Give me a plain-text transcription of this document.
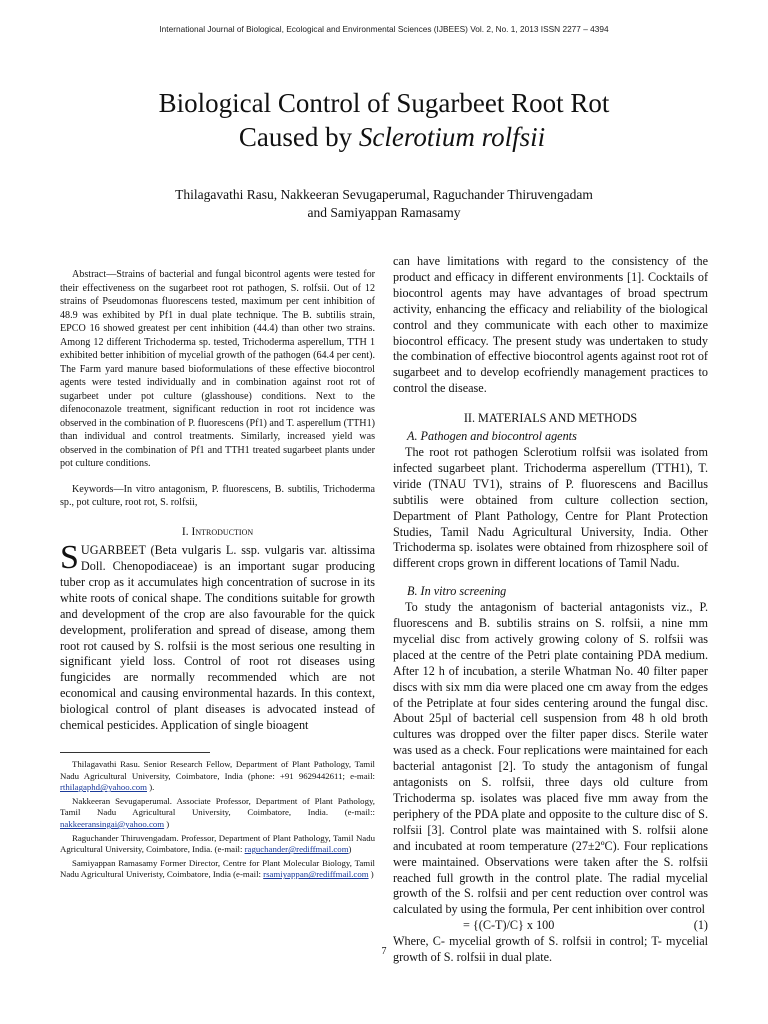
International Journal of Biological, Ecological and Environmental Sciences (IJBEES) Vol. 2, No. 1, 2013 ISSN 2277 – 4394
Biological Control of Sugarbeet Root Rot
Caused by Sclerotium rolfsii
Thilagavathi Rasu, Nakkeeran Sevugaperumal, Raguchander Thiruvengadam
and Samiyappan Ramasamy

Abstract—Strains of bacterial and fungal bicontrol agents were tested for their effectiveness on the sugarbeet root rot pathogen, S. rolfsii. Out of 12 strains of Pseudomonas fluorescens tested, maximum per cent inhibition of 48.9 was exhibited by Pf1 in dual plate technique. The B. subtilis strain, EPCO 16 showed greatest per cent inhibition (44.4) than other two strains. Among 12 different Trichoderma sp. tested, Trichoderma asperellum, TTH 1 exhibited better inhibition of mycelial growth of the pathogen (64.4 per cent). The Farm yard manure based bioformulations of these effective biocontrol agents were tested individually and in combination against root rot of sugarbeet under pot culture (glasshouse) conditions. Next to the difenoconazole treatment, significant reduction in root rot incidence was observed in the combination of P. fluorescens (Pf1) and T. asperellum (TTH1) than individual and control treatments. Similarly, increased yield was observed in the combination of Pf1 and TTH1 treated sugarbeet plants under pot culture conditions.

Keywords—In vitro antagonism, P. fluorescens, B. subtilis, Trichoderma sp., pot culture, root rot, S. rolfsii,

I. Introduction

SUGARBEET (Beta vulgaris L. ssp. vulgaris var. altissima Doll. Chenopodiaceae) is an important sugar producing tuber crop as it accumulates high concentration of sucrose in its white roots of conical shape. The conditions suitable for growth and development of the crop are also favourable for the quick development, proliferation and spread of disease, among them root rot caused by S. rolfsii is the most serious one resulting in significant yield loss. Control of root rot diseases using fungicides are normally recommended which are not economical and causing environmental hazards. In this context, biological control of plant diseases is advocated instead of chemical pesticides. Application of single bioagent

Thilagavathi Rasu. Senior Research Fellow, Department of Plant Pathology, Tamil Nadu Agricultural University, Coimbatore, India (phone: +91 9629442611; e-mail: rthilagaphd@yahoo.com ).

Nakkeeran Sevugaperumal. Associate Professor, Department of Plant Pathology, Tamil Nadu Agricultural University, Coimbatore, India. (e-mail:: nakkeeransingai@yahoo.com )

Raguchander Thiruvengadam. Professor, Department of Plant Pathology, Tamil Nadu Agricultural University, Coimbatore, India. (e-mail: raguchander@rediffmail.com)

Samiyappan Ramasamy Former Director, Centre for Plant Molecular Biology, Tamil Nadu Agricultural Univeristy, Coimbatore, India (e-mail: rsamiyappan@rediffmail.com )

can have limitations with regard to the consistency of the product and efficacy in different environments [1]. Cocktails of biocontrol agents may have advantages of broad spectrum activity, enhancing the efficacy and reliability of the biological control and they communicate with each other to maximize biocontrol efficacy. The present study was undertaken to study the combination of effective biocontrol agents against root rot of sugarbeet and to develop ecofriendly management practices to control the disease.

II. MATERIALS AND METHODS
A. Pathogen and biocontrol agents

The root rot pathogen Sclerotium rolfsii was isolated from infected sugarbeet plant. Trichoderma asperellum (TTH1), T. viride (TNAU TV1), strains of P. fluorescens and Bacillus subtilis were obtained from culture collection section, Department of Plant Pathology, Centre for Plant Protection Studies, Tamil Nadu Agricultural University, India. Other Trichoderma sp. isolates were obtained from rhizosphere soil of different crops grown in different locations of Tamil Nadu.

B. In vitro screening

To study the antagonism of bacterial antagonists viz., P. fluorescens and B. subtilis strains on S. rolfsii, a nine mm mycelial disc from actively growing colony of S. rolfsii was placed at the centre of the Petri plate containing PDA medium. After 12 h of incubation, a sterile Whatman No. 40 filter paper discs with six mm dia were placed one cm away from the edges of the Petriplate at four sides centering around the fungal disc. About 25µl of bacterial cell suspension from 48 h old broth cultures was dropped over the filter paper discs. Sterile water was used as a check. Four replications were maintained for each bacterial antagonist [2]. To study the antagonism of fungal antagonists on S. rolfsii, three days old culture from Trichoderma sp. isolates was placed five mm away from the periphery of the PDA plate and opposite to the culture disc of S. rolfsii [3]. Control plate was maintained with S. rolfsii alone and incubated at room temperature (27±2ºC). Four replications were maintained. Observations were taken after the S. rolfsii reached full growth in the control plate. The radial mycelial growth of the S. rolfsii and per cent reduction over control was calculated by using the formula, Per cent inhibition over control

= {(C-T)/C} x 100	(1)

Where, C- mycelial growth of S. rolfsii in control; T- mycelial growth of S. rolfsii in dual plate.

7
